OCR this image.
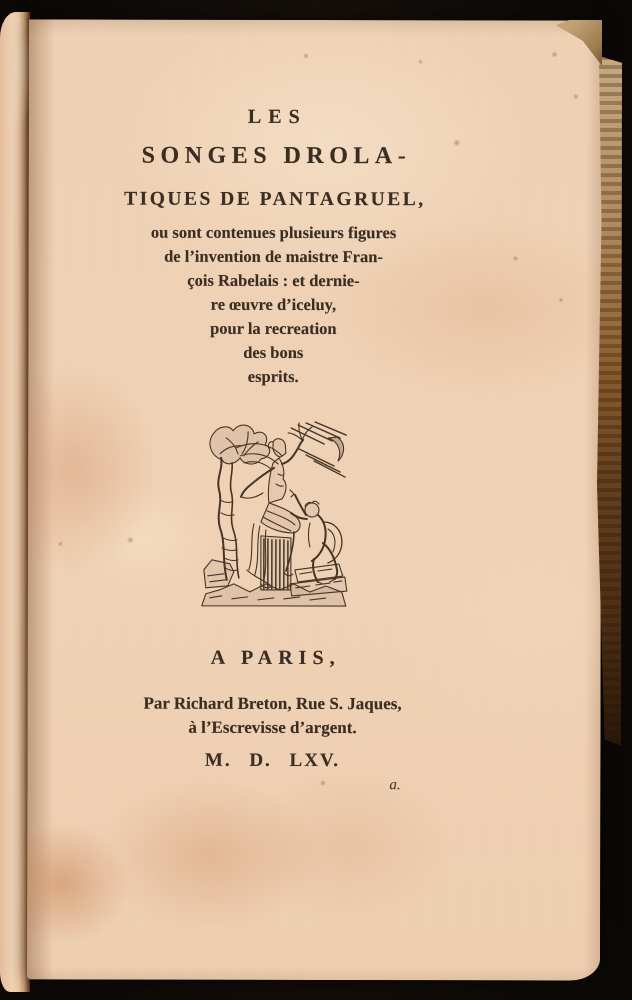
LES
SONGES DROLA-
TIQUES DE PANTAGRUEL,
ou sont contenues plusieurs figures
de l’invention de maistre Fran-
çois Rabelais : et dernie-
re œuvre d’iceluy,
pour la recreation
des bons
esprits.
A PARIS,
Par Richard Breton, Rue S. Jaques,
à l’Escrevisse d’argent.
M. D. LXV.
a.
